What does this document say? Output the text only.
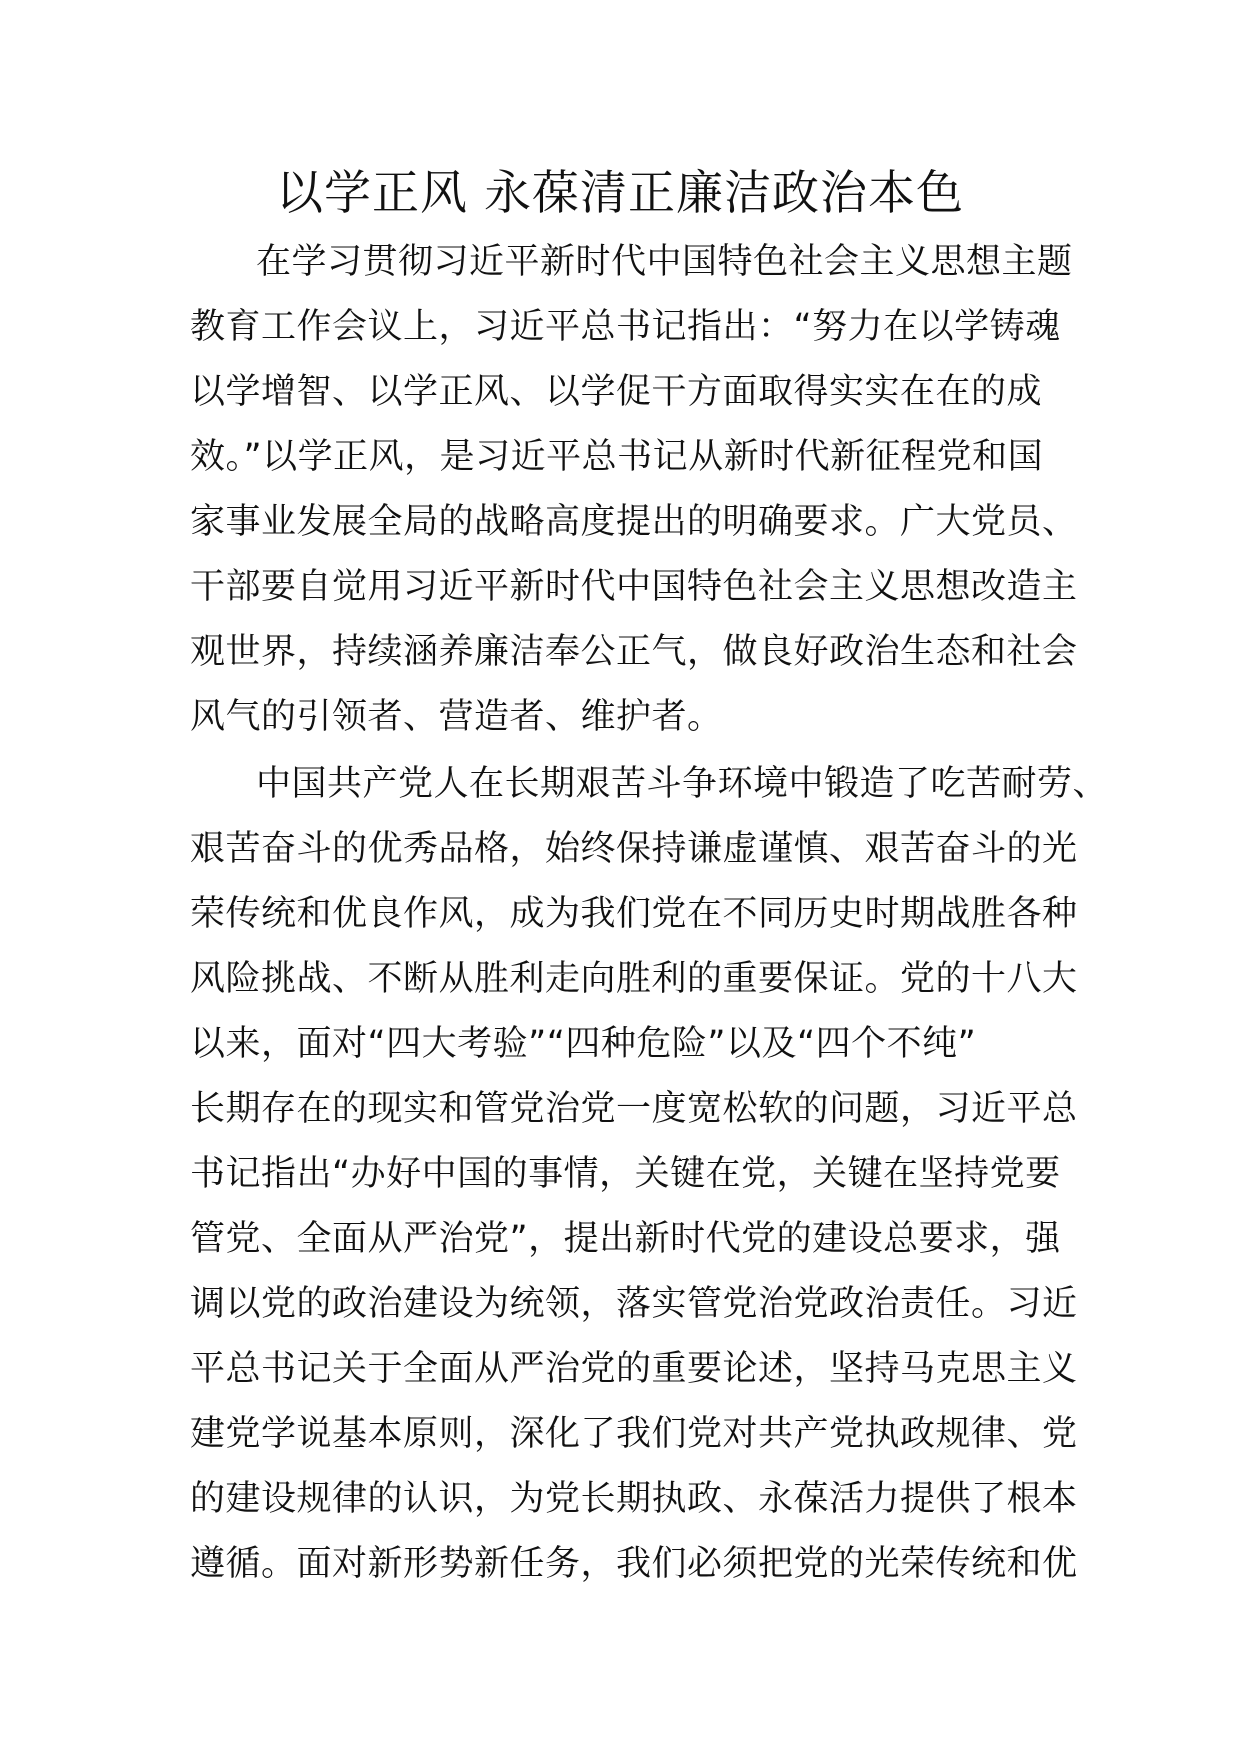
以学正风 永葆清正廉洁政治本色
在学习贯彻习近平新时代中国特色社会主义思想主题
教育工作会议上，习近平总书记指出：“努力在以学铸魂
以学增智、以学正风、以学促干方面取得实实在在的成
效。”以学正风，是习近平总书记从新时代新征程党和国
家事业发展全局的战略高度提出的明确要求。广大党员、
干部要自觉用习近平新时代中国特色社会主义思想改造主
观世界，持续涵养廉洁奉公正气，做良好政治生态和社会
风气的引领者、营造者、维护者。
中国共产党人在长期艰苦斗争环境中锻造了吃苦耐劳、
艰苦奋斗的优秀品格，始终保持谦虚谨慎、艰苦奋斗的光
荣传统和优良作风，成为我们党在不同历史时期战胜各种
风险挑战、不断从胜利走向胜利的重要保证。党的十八大
以来，面对“四大考验”“四种危险”以及“四个不纯”
长期存在的现实和管党治党一度宽松软的问题，习近平总
书记指出“办好中国的事情，关键在党，关键在坚持党要
管党、全面从严治党”，提出新时代党的建设总要求，强
调以党的政治建设为统领，落实管党治党政治责任。习近
平总书记关于全面从严治党的重要论述，坚持马克思主义
建党学说基本原则，深化了我们党对共产党执政规律、党
的建设规律的认识，为党长期执政、永葆活力提供了根本
遵循。面对新形势新任务，我们必须把党的光荣传统和优
